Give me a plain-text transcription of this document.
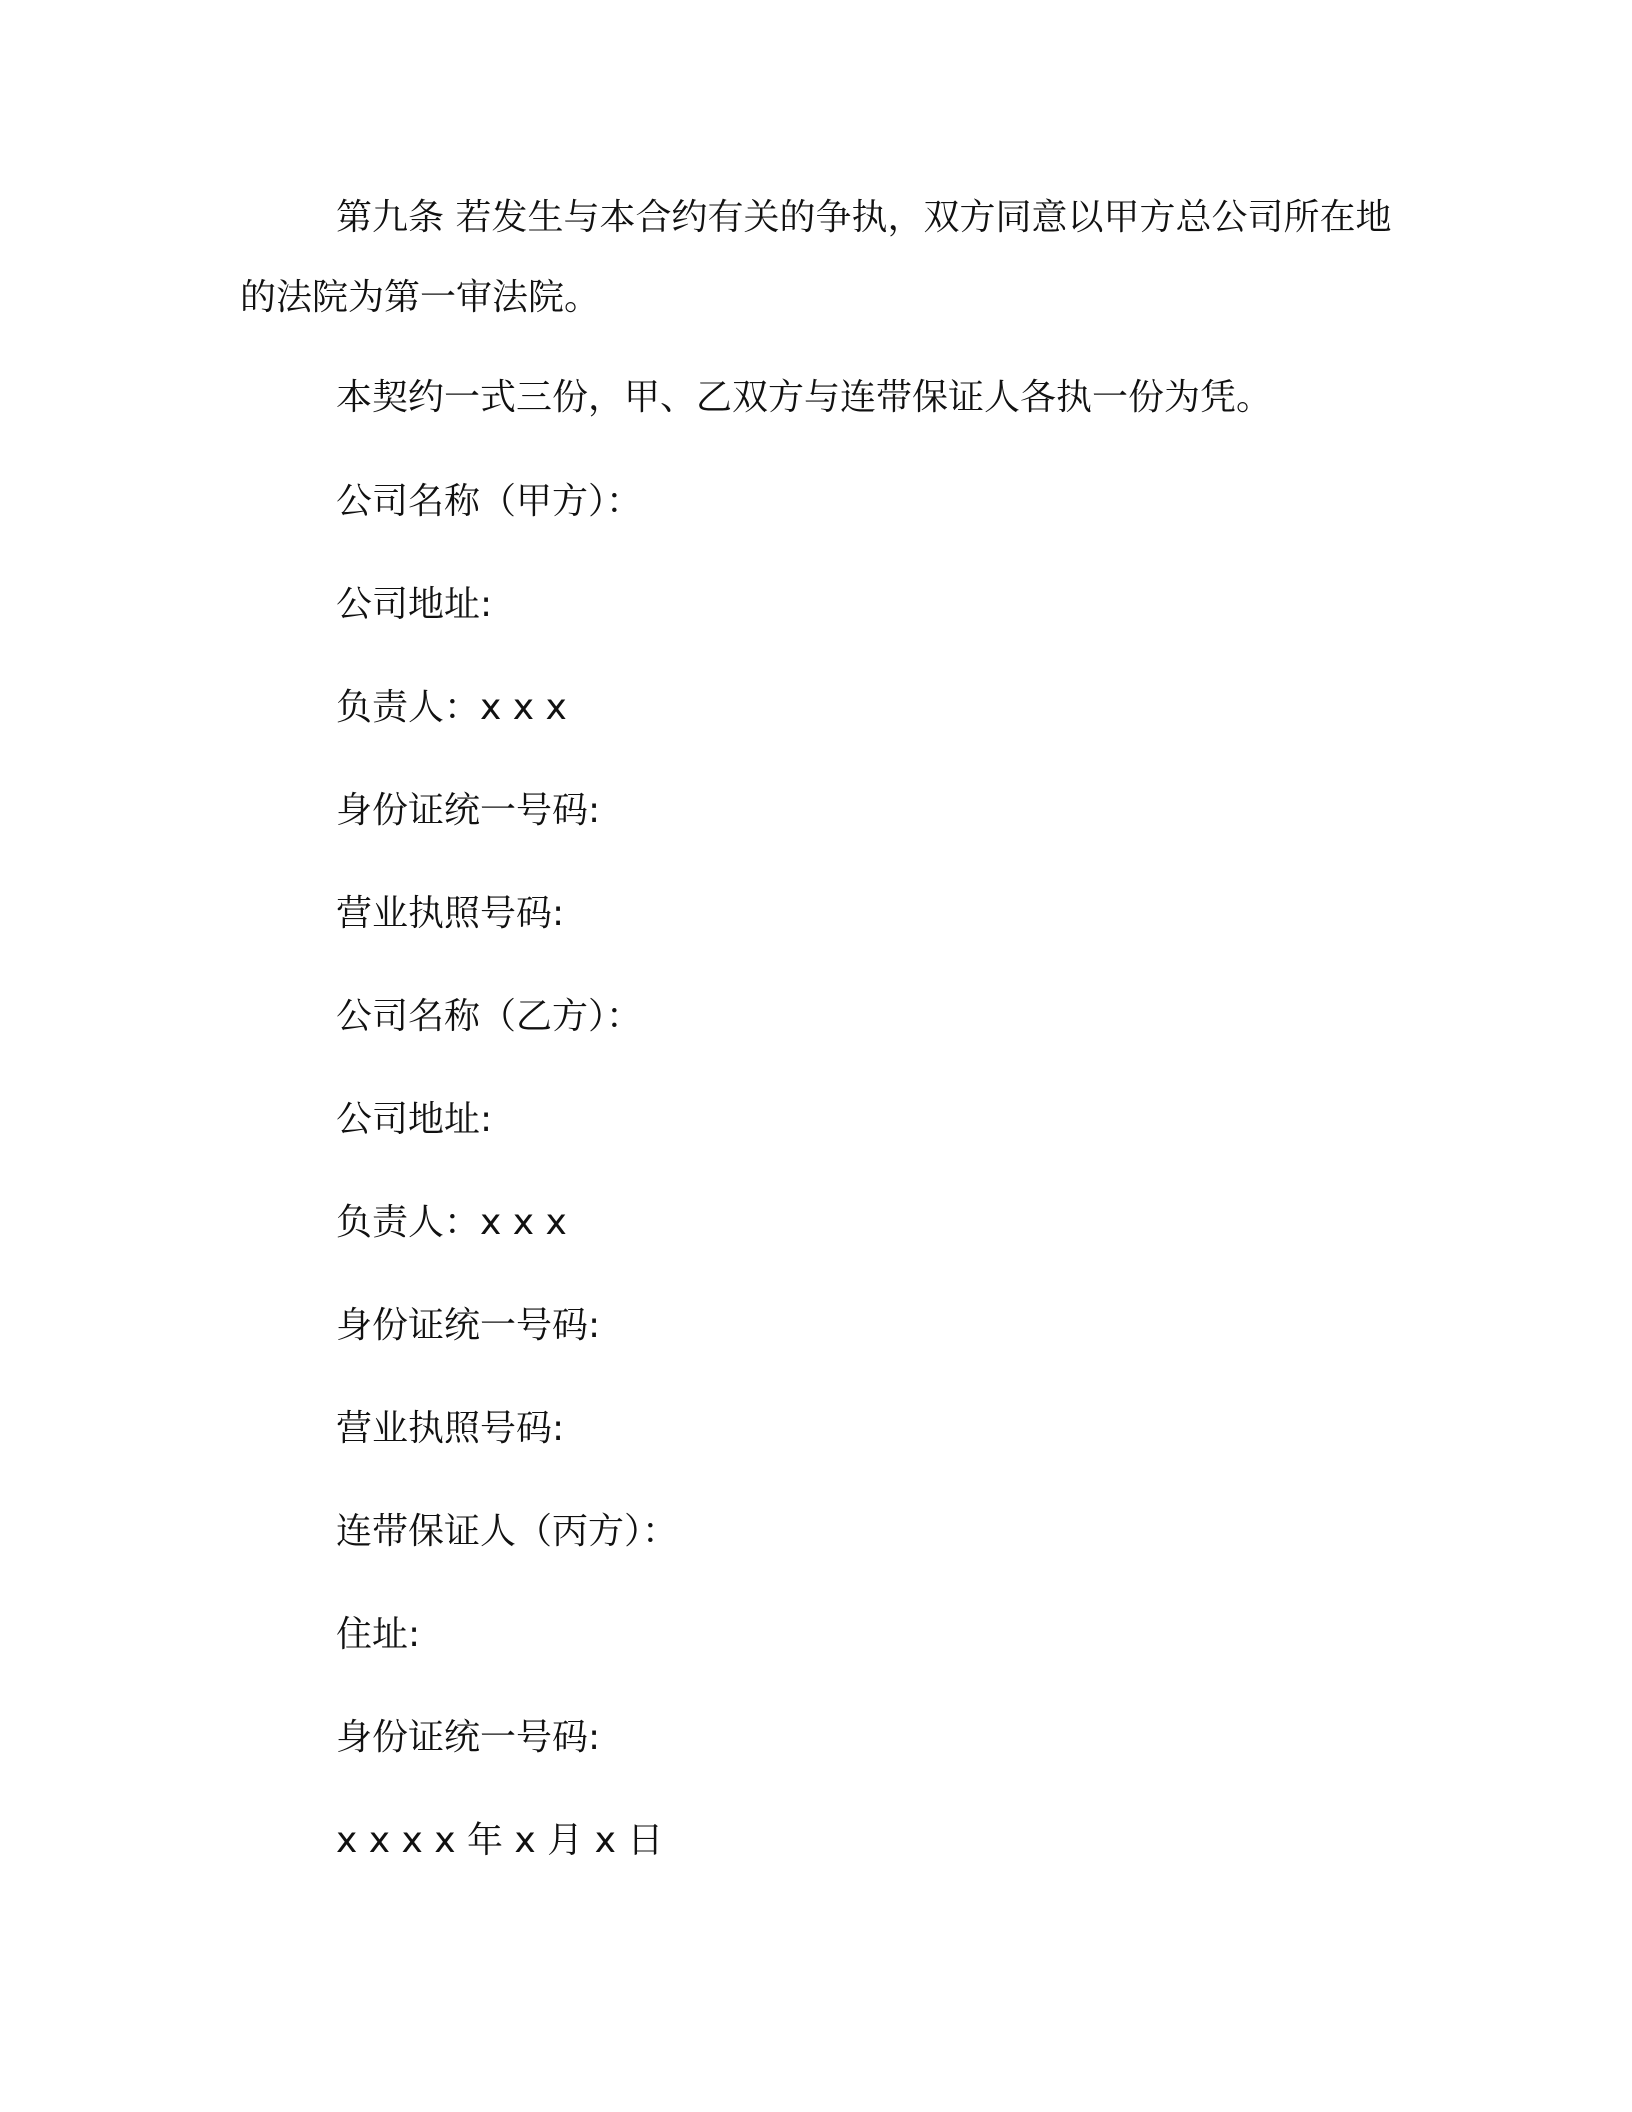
第九条 若发生与本合约有关的争执，双方同意以甲方总公司所在地的法院为第一审法院。

本契约一式三份，甲、乙双方与连带保证人各执一份为凭。

公司名称（甲方）：

公司地址:

负责人：x x x

身份证统一号码:

营业执照号码:

公司名称（乙方）：

公司地址:

负责人：x x x

身份证统一号码:

营业执照号码:

连带保证人（丙方）：

住址:

身份证统一号码:

x x x x 年 x 月 x 日
